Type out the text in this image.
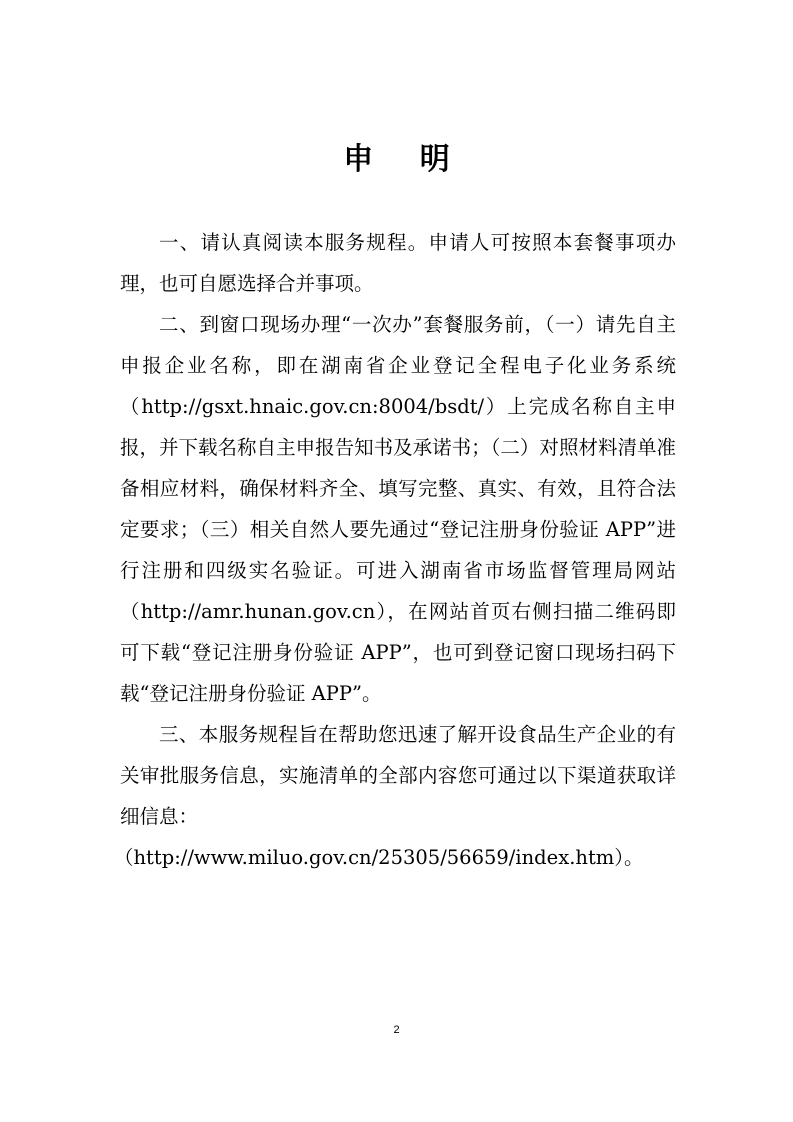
申 明

一、请认真阅读本服务规程。申请人可按照本套餐事项办理，也可自愿选择合并事项。

二、到窗口现场办理“一次办”套餐服务前，（一）请先自主申报企业名称，即在湖南省企业登记全程电子化业务系统（http://gsxt.hnaic.gov.cn:8004/bsdt/）上完成名称自主申报，并下载名称自主申报告知书及承诺书；（二）对照材料清单准备相应材料，确保材料齐全、填写完整、真实、有效，且符合法定要求；（三）相关自然人要先通过“登记注册身份验证 APP”进行注册和四级实名验证。可进入湖南省市场监督管理局网站（http://amr.hunan.gov.cn），在网站首页右侧扫描二维码即可下载“登记注册身份验证 APP”，也可到登记窗口现场扫码下载“登记注册身份验证 APP”。

三、本服务规程旨在帮助您迅速了解开设食品生产企业的有关审批服务信息，实施清单的全部内容您可通过以下渠道获取详细信息：

（http://www.miluo.gov.cn/25305/56659/index.htm）。

2
